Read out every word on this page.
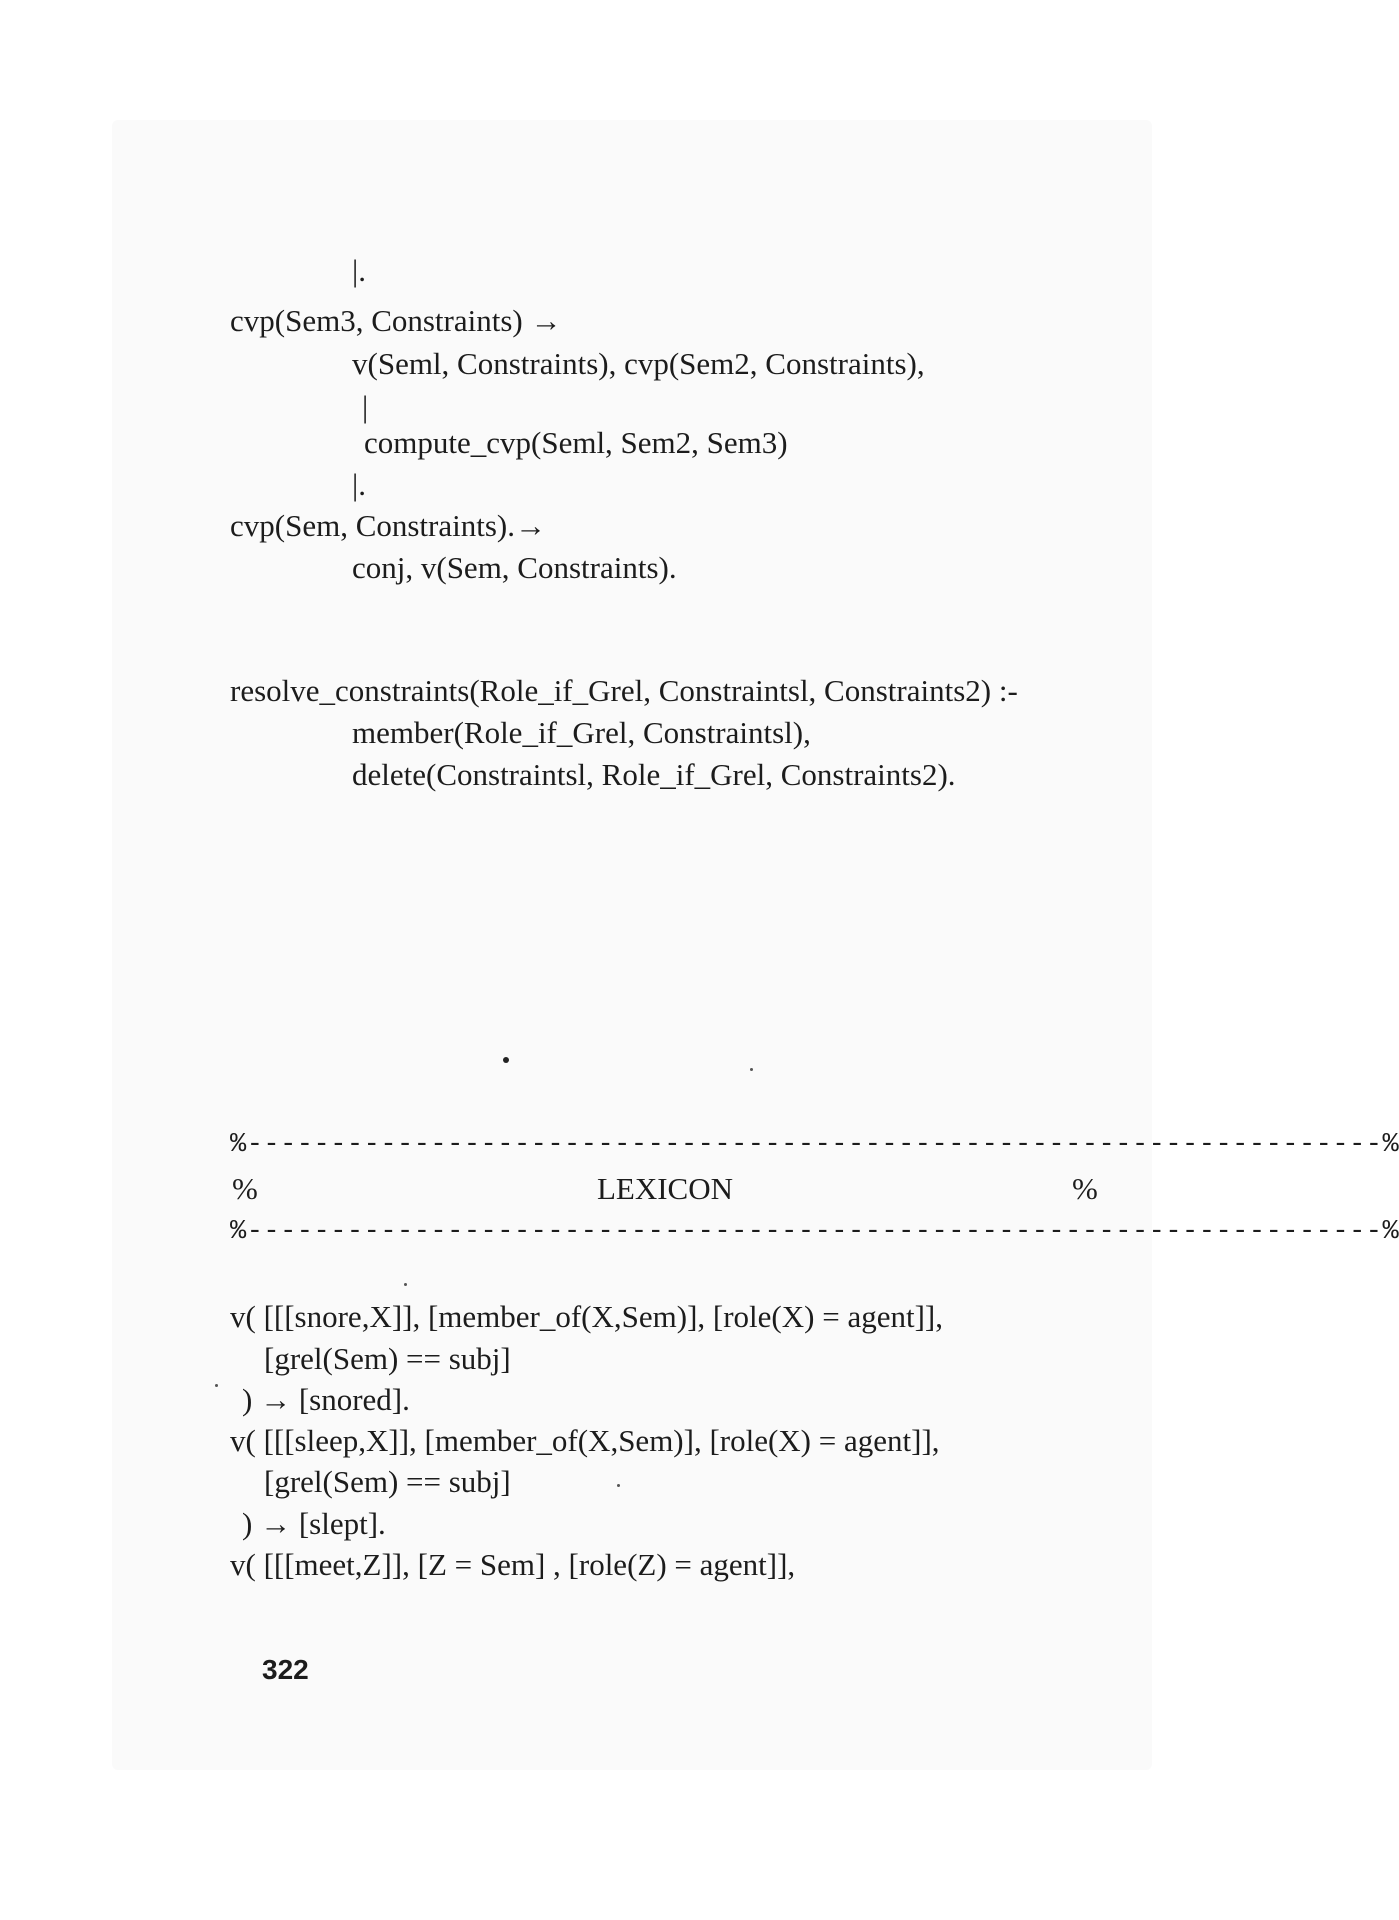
|.
cvp(Sem3, Constraints) →
v(Seml, Constraints), cvp(Sem2, Constraints),
|
compute_cvp(Seml, Sem2, Sem3)
|.
cvp(Sem, Constraints).→
conj, v(Sem, Constraints).
resolve_constraints(Role_if_Grel, Constraintsl, Constraints2) :-
member(Role_if_Grel, Constraintsl),
delete(Constraintsl, Role_if_Grel, Constraints2).
%--------------------------------------------------------------------%
%	LEXICON	%
%--------------------------------------------------------------------%
v( [[[snore,X]], [member_of(X,Sem)], [role(X) = agent]],
[grel(Sem) == subj]
) → [snored].
v( [[[sleep,X]], [member_of(X,Sem)], [role(X) = agent]],
[grel(Sem) == subj]
) → [slept].
v( [[[meet,Z]], [Z = Sem] , [role(Z) = agent]],
322
